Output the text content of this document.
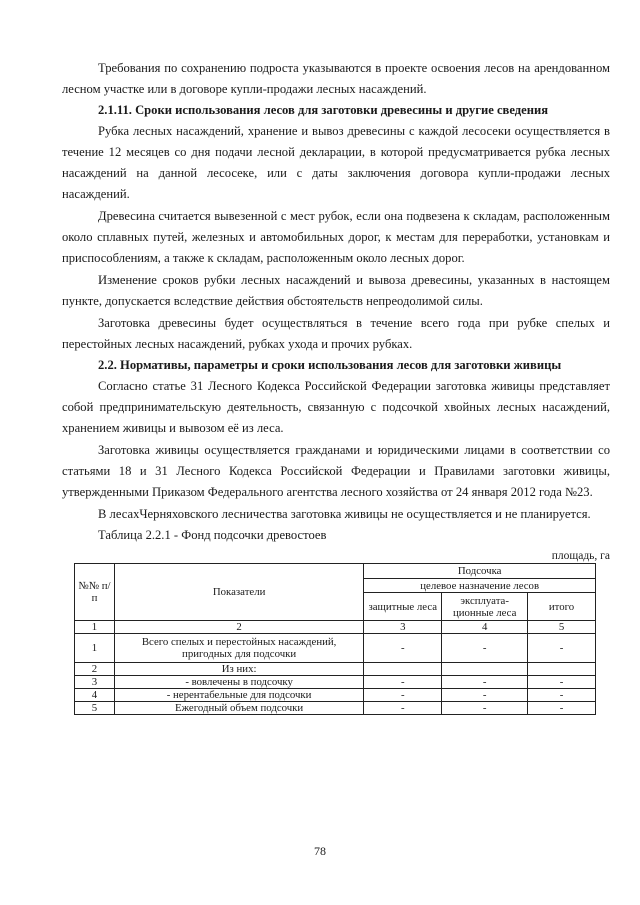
Требования по сохранению подроста указываются в проекте освоения лесов на арендованном лесном участке или в договоре купли-продажи лесных насаждений.

2.1.11. Сроки использования лесов для заготовки древесины и другие сведения

Рубка лесных насаждений, хранение и вывоз древесины с каждой лесосеки осуществляется в течение 12 месяцев со дня подачи лесной декларации, в которой предусматривается рубка лесных насаждений на данной лесосеке, или с даты заключения договора купли-продажи лесных насаждений.

Древесина считается вывезенной с мест рубок, если она подвезена к складам, расположенным около сплавных путей, железных и автомобильных дорог, к местам для переработки, установкам и приспособлениям, а также к складам, расположенным около лесных дорог.

Изменение сроков рубки лесных насаждений и вывоза древесины, указанных в настоящем пункте, допускается вследствие действия обстоятельств непреодолимой силы.

Заготовка древесины будет осуществляться в течение всего года при рубке спелых и перестойных лесных насаждений, рубках ухода и прочих рубках.

2.2. Нормативы, параметры и сроки использования лесов для заготовки живицы

Согласно статье 31 Лесного Кодекса Российской Федерации заготовка живицы представляет собой предпринимательскую деятельность, связанную с подсочкой хвойных лесных насаждений, хранением живицы и вывозом её из леса.

Заготовка живицы осуществляется гражданами и юридическими лицами в соответствии со статьями 18 и 31 Лесного Кодекса Российской Федерации и Правилами заготовки живицы, утвержденными Приказом Федерального агентства лесного хозяйства от 24 января 2012 года №23.

В лесахЧерняховского лесничества заготовка живицы не осуществляется и не планируется.

Таблица 2.2.1 - Фонд подсочки древостоев

площадь, га
№№ п/п	Показатели	Подсочка		
		целевое назначение лесов		
		защитные леса	эксплуата-ционные леса	итого
1	2	3	4	5
1	Всего спелых и перестойных насаждений, пригодных для подсочки	-	-	-
2	Из них:			
3	- вовлечены в подсочку	-	-	-
4	- нерентабельные для подсочки	-	-	-
5	Ежегодный объем подсочки	-	-	-
78
